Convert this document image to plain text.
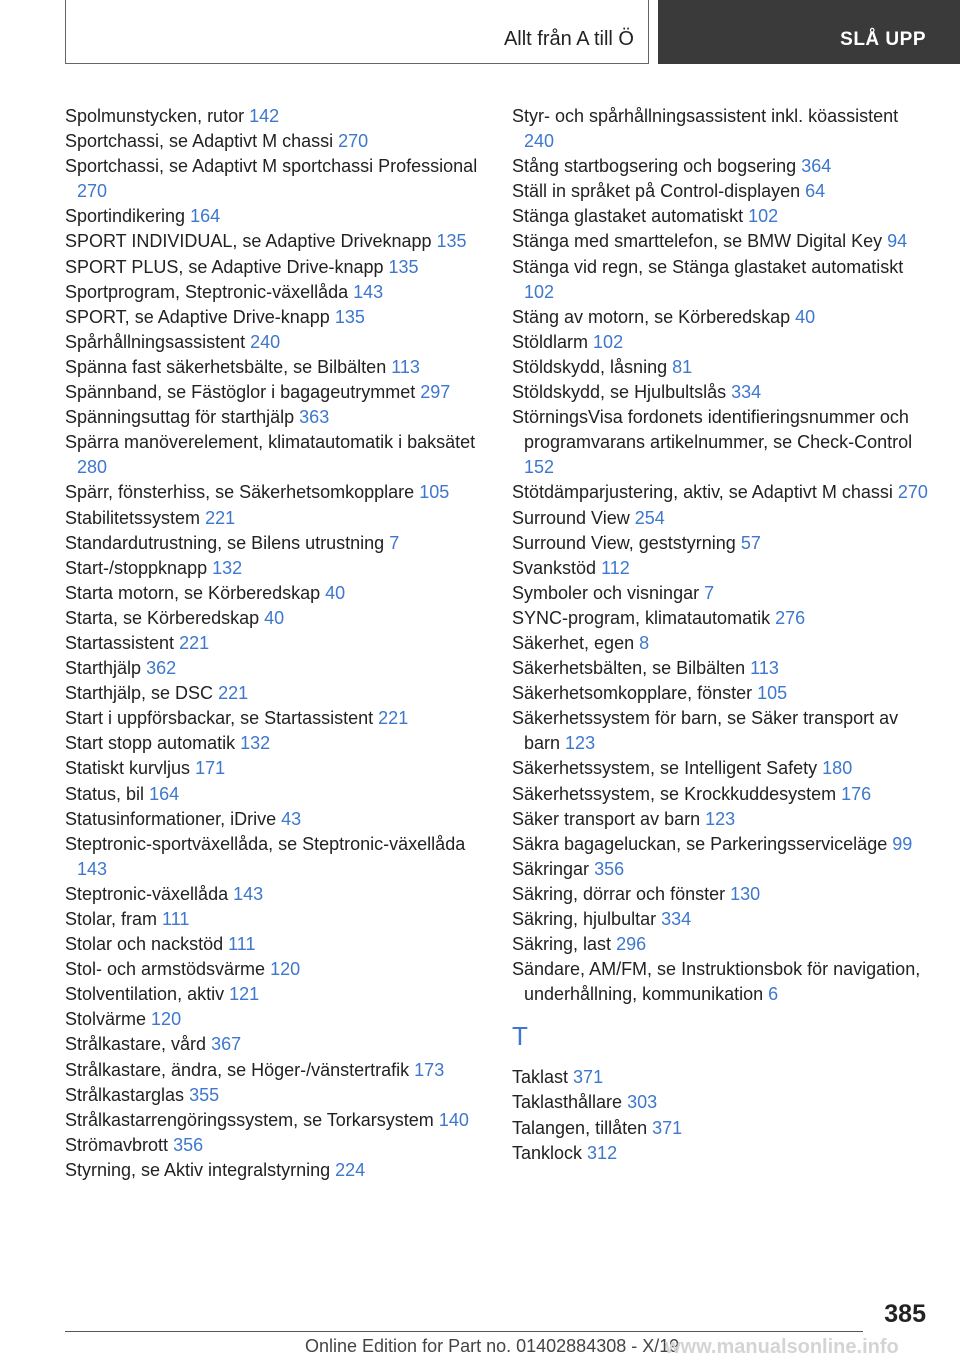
Allt från A till Ö	SLÅ UPP
Spolmunstycken, rutor 142
Sportchassi, se Adaptivt M chassi 270
Sportchassi, se Adaptivt M sportchassi Professional 270
Sportindikering 164
SPORT INDIVIDUAL, se Adaptive Driveknapp 135
SPORT PLUS, se Adaptive Drive-knapp 135
Sportprogram, Steptronic-växellåda 143
SPORT, se Adaptive Drive-knapp 135
Spårhållningsassistent 240
Spänna fast säkerhetsbälte, se Bilbälten 113
Spännband, se Fästöglor i bagageutrymmet 297
Spänningsuttag för starthjälp 363
Spärra manöverelement, klimatautomatik i baksätet 280
Spärr, fönsterhiss, se Säkerhetsomkopplare 105
Stabilitetssystem 221
Standardutrustning, se Bilens utrustning 7
Start-/stoppknapp 132
Starta motorn, se Körberedskap 40
Starta, se Körberedskap 40
Startassistent 221
Starthjälp 362
Starthjälp, se DSC 221
Start i uppförsbackar, se Startassistent 221
Start stopp automatik 132
Statiskt kurvljus 171
Status, bil 164
Statusinformationer, iDrive 43
Steptronic-sportväxellåda, se Steptronic-växellåda 143
Steptronic-växellåda 143
Stolar, fram 111
Stolar och nackstöd 111
Stol- och armstödsvärme 120
Stolventilation, aktiv 121
Stolvärme 120
Strålkastare, vård 367
Strålkastare, ändra, se Höger-/vänstertrafik 173
Strålkastarglas 355
Strålkastarrengöringssystem, se Torkarsystem 140
Strömavbrott 356
Styrning, se Aktiv integralstyrning 224
Styr- och spårhållningsassistent inkl. köassistent 240
Stång startbogsering och bogsering 364
Ställ in språket på Control-displayen 64
Stänga glastaket automatiskt 102
Stänga med smarttelefon, se BMW Digital Key 94
Stänga vid regn, se Stänga glastaket automatiskt 102
Stäng av motorn, se Körberedskap 40
Stöldlarm 102
Stöldskydd, låsning 81
Stöldskydd, se Hjulbultslås 334
StörningsVisa fordonets identifieringsnummer och programvarans artikelnummer, se Check-Control 152
Stötdämparjustering, aktiv, se Adaptivt M chassi 270
Surround View 254
Surround View, geststyrning 57
Svankstöd 112
Symboler och visningar 7
SYNC-program, klimatautomatik 276
Säkerhet, egen 8
Säkerhetsbälten, se Bilbälten 113
Säkerhetsomkopplare, fönster 105
Säkerhetssystem för barn, se Säker transport av barn 123
Säkerhetssystem, se Intelligent Safety 180
Säkerhetssystem, se Krockkuddesystem 176
Säker transport av barn 123
Säkra bagageluckan, se Parkeringsserviceläge 99
Säkringar 356
Säkring, dörrar och fönster 130
Säkring, hjulbultar 334
Säkring, last 296
Sändare, AM/FM, se Instruktionsbok för navigation, underhållning, kommunikation 6
T
Taklast 371
Taklasthållare 303
Talangen, tillåten 371
Tanklock 312
385
Online Edition for Part no. 01402884308 - X/19
www.manualsonline.info
